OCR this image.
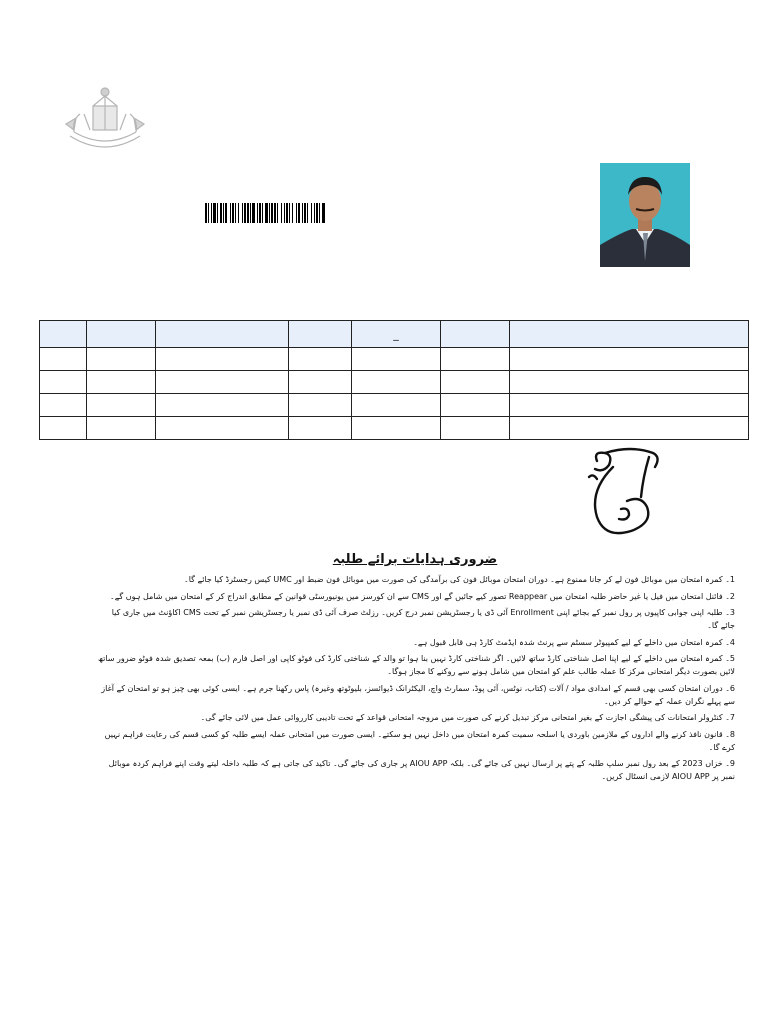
				_		

ضروری ہدایات برائے طلبہ
1۔ کمرہ امتحان میں موبائل فون لے کر جانا ممنوع ہے۔ دوران امتحان موبائل فون کی برآمدگی کی صورت میں موبائل فون ضبط اور UMC کیس رجسٹرڈ کیا جائے گا۔
2۔ فائنل امتحان میں فیل یا غیر حاضر طلبہ امتحان میں Reappear تصور کیے جائیں گے اور CMS سے ان کورسز میں یونیورسٹی قوانین کے مطابق اندراج کر کے امتحان میں شامل ہوں گے۔
3۔ طلبہ اپنی جوابی کاپیوں پر رول نمبر کے بجائے اپنی Enrollment آئی ڈی یا رجسٹریشن نمبر درج کریں۔ رزلٹ صرف آئی ڈی نمبر یا رجسٹریشن نمبر کے تحت CMS اکاؤنٹ میں جاری کیا جائے گا۔
4۔ کمرہ امتحان میں داخلے کے لیے کمپیوٹر سسٹم سے پرنٹ شدہ ایڈمٹ کارڈ ہی قابل قبول ہے۔
5۔ کمرہ امتحان میں داخلے کے لیے اپنا اصل شناختی کارڈ ساتھ لائیں۔ اگر شناختی کارڈ نہیں بنا ہوا تو والد کے شناختی کارڈ کی فوٹو کاپی اور اصل فارم (ب) بمعہ تصدیق شدہ فوٹو ضرور ساتھ لائیں بصورت دیگر امتحانی مرکز کا عملہ طالب علم کو امتحان میں شامل ہونے سے روکنے کا مجاز ہوگا۔
6۔ دوران امتحان کسی بھی قسم کے امدادی مواد / آلات (کتاب، نوٹس، آئی پوڈ، سمارٹ واچ، الیکٹرانک ڈیوائسز، بلیوٹوتھ وغیرہ) پاس رکھنا جرم ہے۔ ایسی کوئی بھی چیز ہو تو امتحان کے آغاز سے پہلے نگران عملہ کے حوالے کر دیں۔
7۔ کنٹرولر امتحانات کی پیشگی اجازت کے بغیر امتحانی مرکز تبدیل کرنے کی صورت میں مروجہ امتحانی قواعد کے تحت تادیبی کارروائی عمل میں لائی جائے گی۔
8۔ قانون نافذ کرنے والے اداروں کے ملازمین باوردی یا اسلحہ سمیت کمرہ امتحان میں داخل نہیں ہو سکتے۔ ایسی صورت میں امتحانی عملہ ایسے طلبہ کو کسی قسم کی رعایت فراہم نہیں کرے گا۔
9۔ خزاں 2023 کے بعد رول نمبر سلپ طلبہ کے پتے پر ارسال نہیں کی جائے گی۔ بلکہ AIOU APP پر جاری کی جائے گی۔ تاکید کی جاتی ہے کہ طلبہ داخلہ لیتے وقت اپنے فراہم کردہ موبائل نمبر پر AIOU APP لازمی انسٹال کریں۔
